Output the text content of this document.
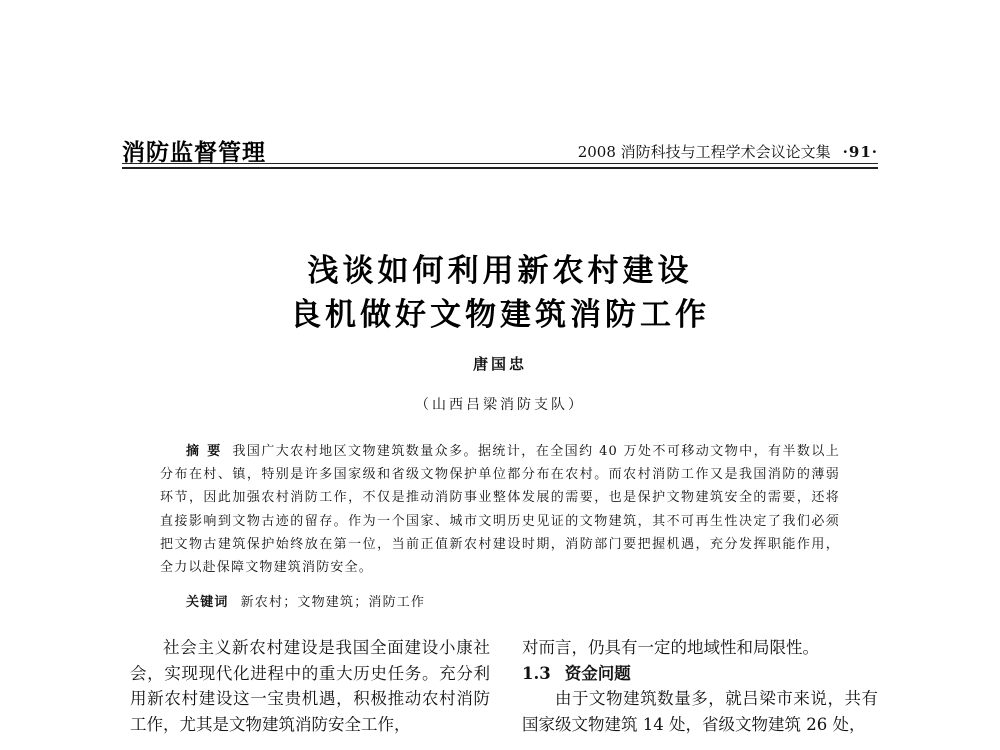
消防监督管理	2008 消防科技与工程学术会议论文集 ·91·
浅谈如何利用新农村建设
良机做好文物建筑消防工作
唐国忠
（山西吕梁消防支队）
摘要 我国广大农村地区文物建筑数量众多。据统计，在全国约 40 万处不可移动文物中，有半数以上分布在村、镇，特别是许多国家级和省级文物保护单位都分布在农村。而农村消防工作又是我国消防的薄弱环节，因此加强农村消防工作，不仅是推动消防事业整体发展的需要，也是保护文物建筑安全的需要，还将直接影响到文物古迹的留存。作为一个国家、城市文明历史见证的文物建筑，其不可再生性决定了我们必须把文物古建筑保护始终放在第一位，当前正值新农村建设时期，消防部门要把握机遇，充分发挥职能作用，全力以赴保障文物建筑消防安全。
关键词 新农村；文物建筑；消防工作

社会主义新农村建设是我国全面建设小康社会，实现现代化进程中的重大历史任务。充分利用新农村建设这一宝贵机遇，积极推动农村消防工作，尤其是文物建筑消防安全工作，

对而言，仍具有一定的地域性和局限性。

1.3 资金问题

由于文物建筑数量多，就吕梁市来说，共有国家级文物建筑 14 处，省级文物建筑 26 处，
